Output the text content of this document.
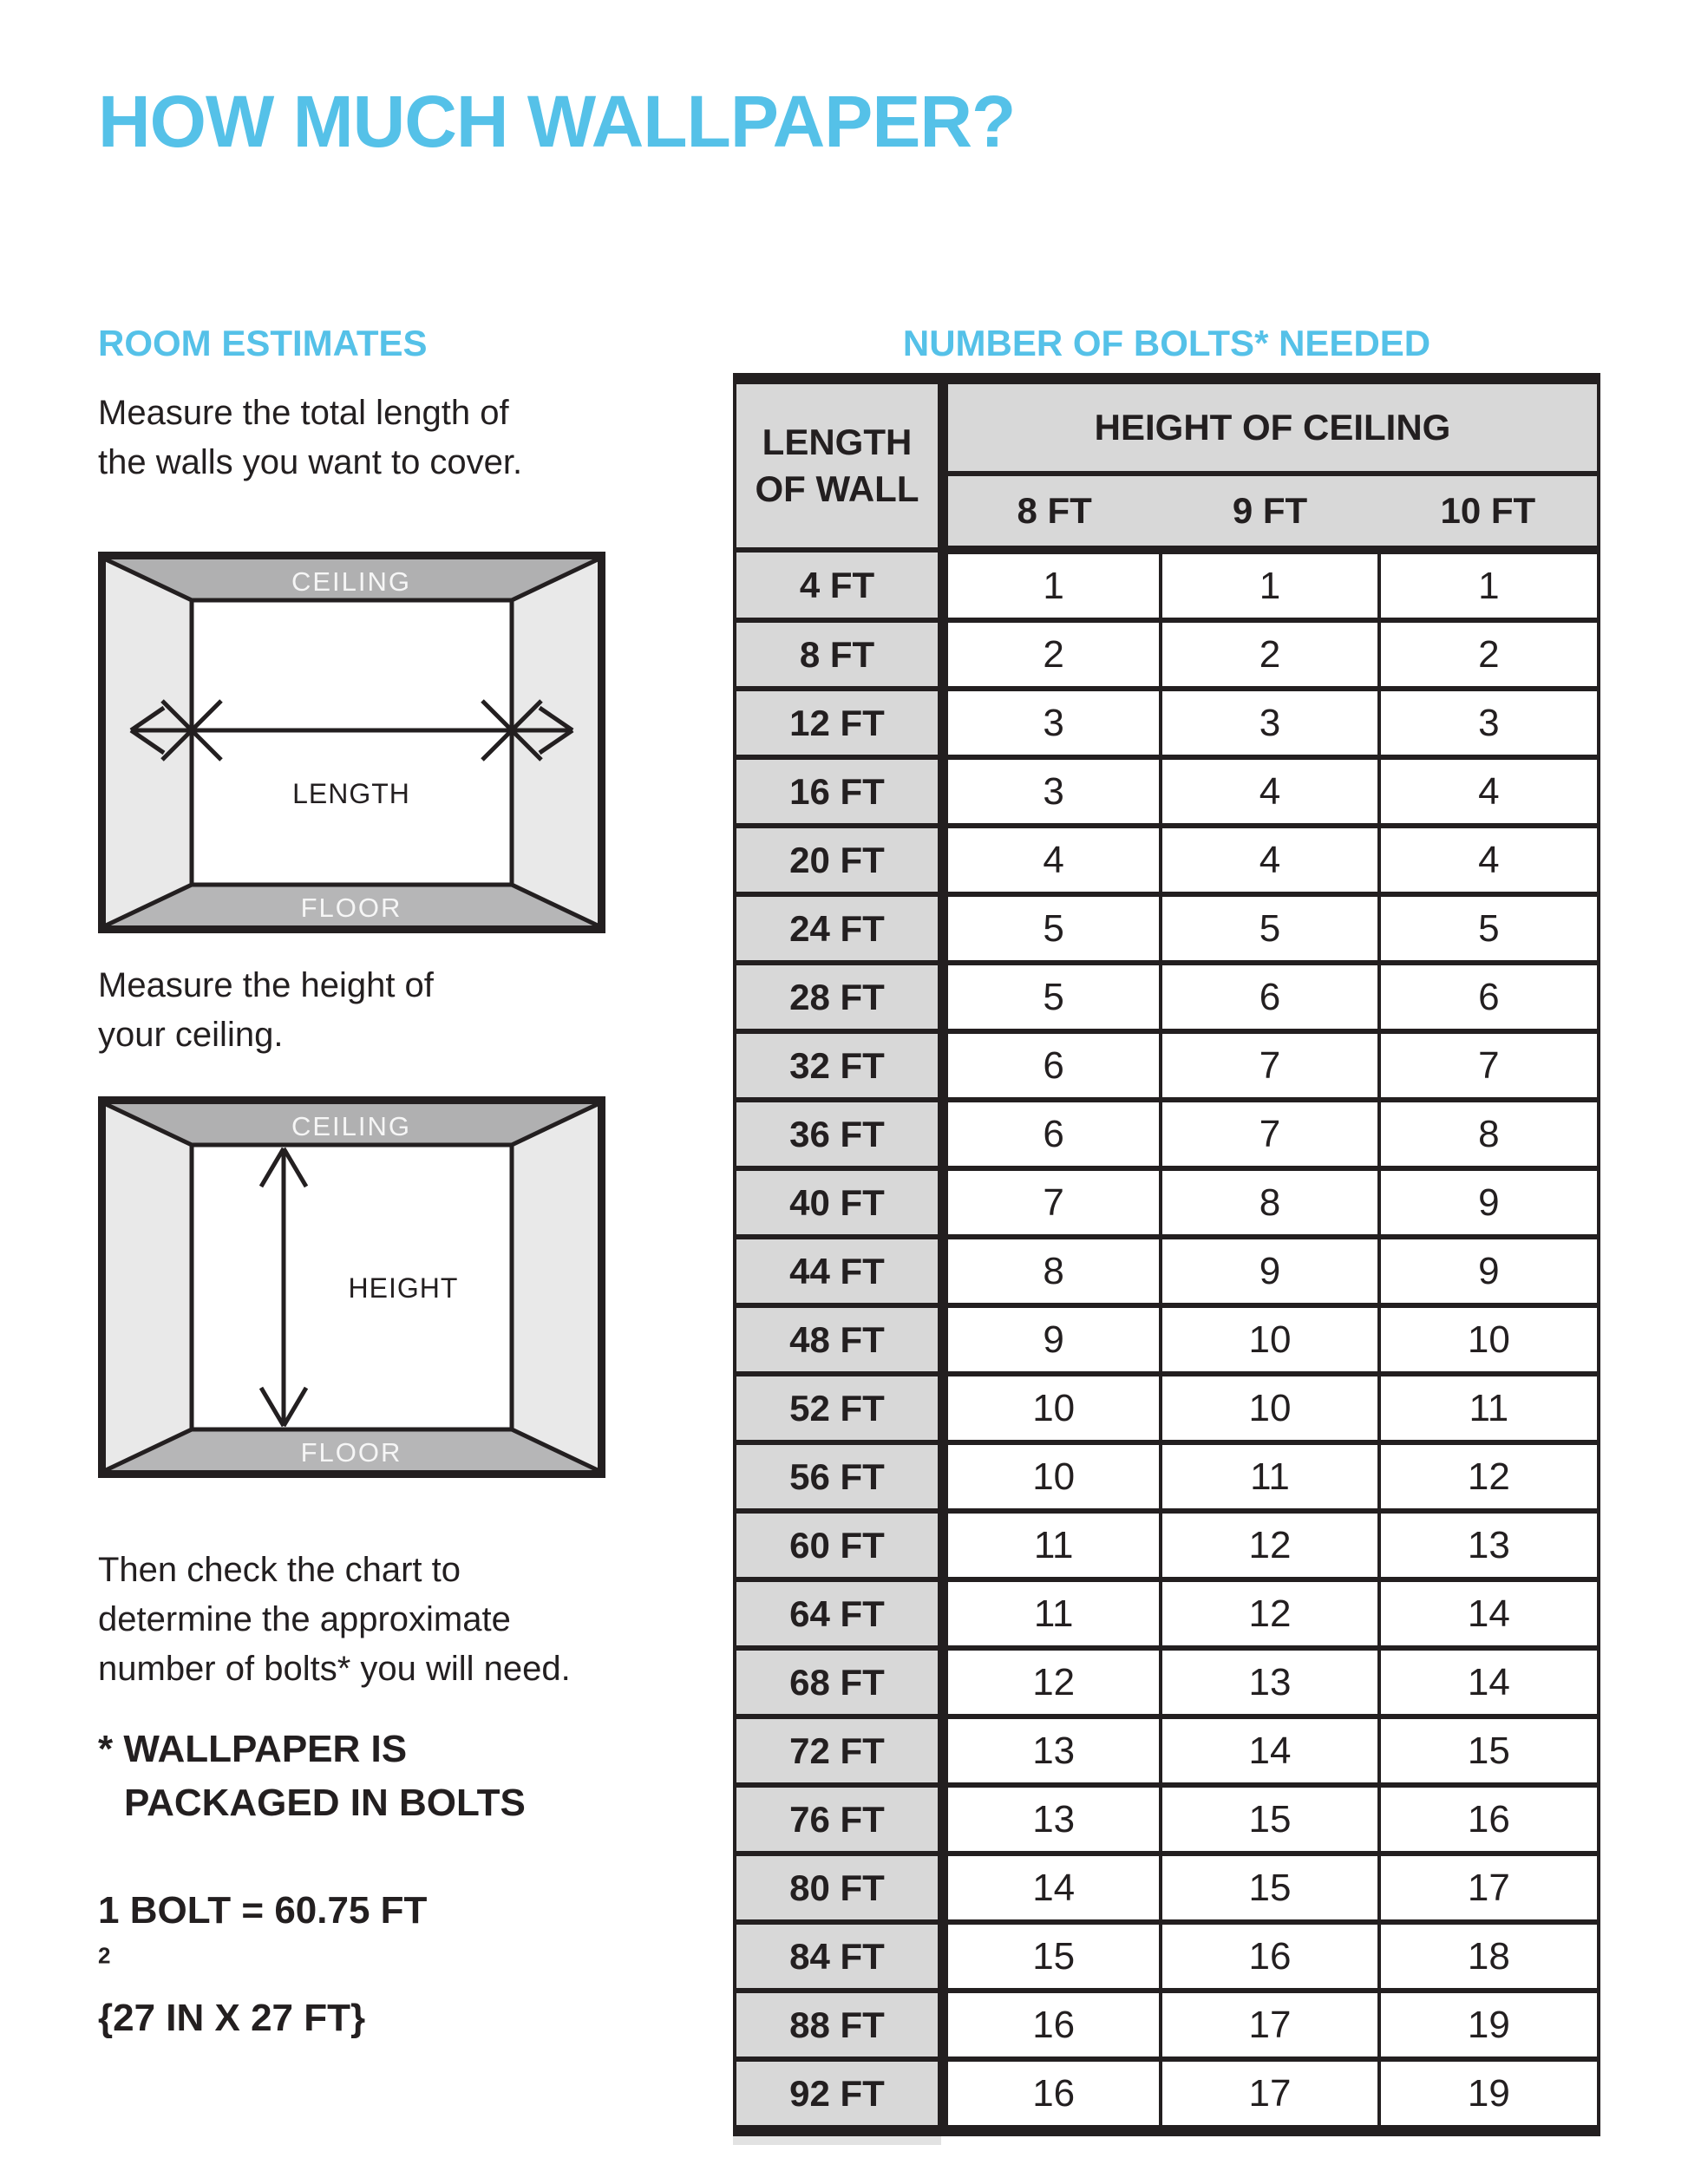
HOW MUCH WALLPAPER?
ROOM ESTIMATES
Measure the total length of
the walls you want to cover.
CEILING
FLOOR
LENGTH
Measure the height of
your ceiling.
CEILING
FLOOR
HEIGHT
Then check the chart to
determine the approximate
number of bolts* you will need.
* WALLPAPER IS
PACKAGED IN BOLTS
1 BOLT = 60.75 FT
$^2$
{27 IN X 27 FT}
NUMBER OF BOLTS* NEEDED
LENGTH
OF WALL	HEIGHT OF CEILING		
	8 FT	9 FT	10 FT
4 FT	1	1	1
8 FT	2	2	2
12 FT	3	3	3
16 FT	3	4	4
20 FT	4	4	4
24 FT	5	5	5
28 FT	5	6	6
32 FT	6	7	7
36 FT	6	7	8
40 FT	7	8	9
44 FT	8	9	9
48 FT	9	10	10
52 FT	10	10	11
56 FT	10	11	12
60 FT	11	12	13
64 FT	11	12	14
68 FT	12	13	14
72 FT	13	14	15
76 FT	13	15	16
80 FT	14	15	17
84 FT	15	16	18
88 FT	16	17	19
92 FT	16	17	19
